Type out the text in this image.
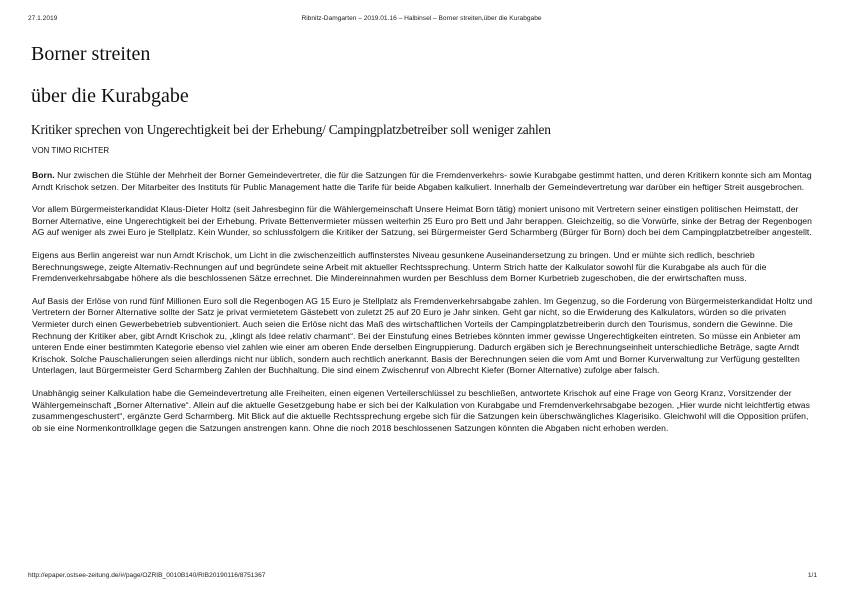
27.1.2019	Ribnitz-Damgarten – 2019.01.16 – Halbinsel – Borner streiten,über die Kurabgabe
Borner streiten
über die Kurabgabe
Kritiker sprechen von Ungerechtigkeit bei der Erhebung/ Campingplatzbetreiber soll weniger zahlen
VON TIMO RICHTER

Born. Nur zwischen die Stühle der Mehrheit der Borner Gemeindevertreter, die für die Satzungen für die Fremdenverkehrs- sowie Kurabgabe gestimmt hatten, und deren Kritikern konnte sich am Montag Arndt Krischok setzen. Der Mitarbeiter des Instituts für Public Management hatte die Tarife für beide Abgaben kalkuliert. Innerhalb der Gemeindevertretung war darüber ein heftiger Streit ausgebrochen.

Vor allem Bürgermeisterkandidat Klaus-Dieter Holtz (seit Jahresbeginn für die Wählergemeinschaft Unsere Heimat Born tätig) moniert unisono mit Vertretern seiner einstigen politischen Heimstatt, der Borner Alternative, eine Ungerechtigkeit bei der Erhebung. Private Bettenvermieter müssen weiterhin 25 Euro pro Bett und Jahr berappen. Gleichzeitig, so die Vorwürfe, sinke der Betrag der Regenbogen AG auf weniger als zwei Euro je Stellplatz. Kein Wunder, so schlussfolgern die Kritiker der Satzung, sei Bürgermeister Gerd Scharmberg (Bürger für Born) doch bei dem Campingplatzbetreiber angestellt.

Eigens aus Berlin angereist war nun Arndt Krischok, um Licht in die zwischenzeitlich auffinsterstes Niveau gesunkene Auseinandersetzung zu bringen. Und er mühte sich redlich, beschrieb Berechnungswege, zeigte Alternativ-Rechnungen auf und begründete seine Arbeit mit aktueller Rechtssprechung. Unterm Strich hatte der Kalkulator sowohl für die Kurabgabe als auch für die Fremdenverkehrsabgabe höhere als die beschlossenen Sätze errechnet. Die Mindereinnahmen wurden per Beschluss dem Borner Kurbetrieb zugeschoben, die der erwirtschaften muss.

Auf Basis der Erlöse von rund fünf Millionen Euro soll die Regenbogen AG 15 Euro je Stellplatz als Fremdenverkehrsabgabe zahlen. Im Gegenzug, so die Forderung von Bürgermeisterkandidat Holtz und Vertretern der Borner Alternative sollte der Satz je privat vermietetem Gästebett von zuletzt 25 auf 20 Euro je Jahr sinken. Geht gar nicht, so die Erwiderung des Kalkulators, würden so die privaten Vermieter durch einen Gewerbebetrieb subventioniert. Auch seien die Erlöse nicht das Maß des wirtschaftlichen Vorteils der Campingplatzbetreiberin durch den Tourismus, sondern die Gewinne. Die Rechnung der Kritiker aber, gibt Arndt Krischok zu, „klingt als Idee relativ charmant“. Bei der Einstufung eines Betriebes könnten immer gewisse Ungerechtigkeiten eintreten. So müsse ein Anbieter am unteren Ende einer bestimmten Kategorie ebenso viel zahlen wie einer am oberen Ende derselben Eingruppierung. Dadurch ergäben sich je Berechnungseinheit unterschiedliche Beträge, sagte Arndt Krischok. Solche Pauschalierungen seien allerdings nicht nur üblich, sondern auch rechtlich anerkannt. Basis der Berechnungen seien die vom Amt und Borner Kurverwaltung zur Verfügung gestellten Unterlagen, laut Bürgermeister Gerd Scharmberg Zahlen der Buchhaltung. Die sind einem Zwischenruf von Albrecht Kiefer (Borner Alternative) zufolge aber falsch.

Unabhängig seiner Kalkulation habe die Gemeindevertretung alle Freiheiten, einen eigenen Verteilerschlüssel zu beschließen, antwortete Krischok auf eine Frage von Georg Kranz, Vorsitzender der Wählergemeinschaft „Borner Alternative“. Allein auf die aktuelle Gesetzgebung habe er sich bei der Kalkulation von Kurabgabe und Fremdenverkehrsabgabe bezogen. „Hier wurde nicht leichtfertig etwas zusammengeschustert“, ergänzte Gerd Scharmberg. Mit Blick auf die aktuelle Rechtssprechung ergebe sich für die Satzungen kein überschwängliches Klagerisiko. Gleichwohl will die Opposition prüfen, ob sie eine Normenkontrollklage gegen die Satzungen anstrengen kann. Ohne die noch 2018 beschlossenen Satzungen könnten die Abgaben nicht erhoben werden.

http://epaper.ostsee-zeitung.de/#/page/OZRIB_0010B140/RIB20190116/8751367	1/1
